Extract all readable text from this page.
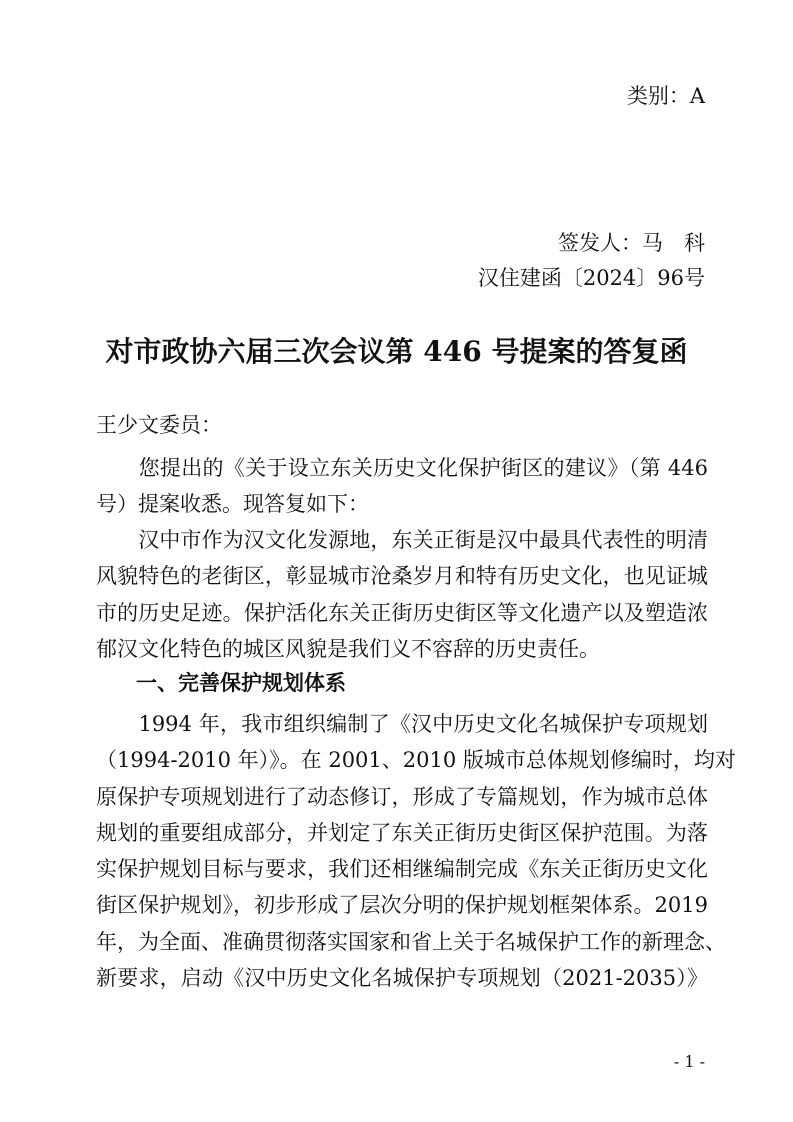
类别：A
签发人：马　科
汉住建函〔2024〕96号
对市政协六届三次会议第 446 号提案的答复函
王少文委员：
　　您提出的《关于设立东关历史文化保护街区的建议》（第 446
号）提案收悉。现答复如下：
　　汉中市作为汉文化发源地，东关正街是汉中最具代表性的明清
风貌特色的老街区，彰显城市沧桑岁月和特有历史文化，也见证城
市的历史足迹。保护活化东关正街历史街区等文化遗产以及塑造浓
郁汉文化特色的城区风貌是我们义不容辞的历史责任。
一、完善保护规划体系
　　1994 年，我市组织编制了《汉中历史文化名城保护专项规划
（1994-2010 年）》。在 2001、2010 版城市总体规划修编时，均对
原保护专项规划进行了动态修订，形成了专篇规划，作为城市总体
规划的重要组成部分，并划定了东关正街历史街区保护范围。为落
实保护规划目标与要求，我们还相继编制完成《东关正街历史文化
街区保护规划》，初步形成了层次分明的保护规划框架体系。2019
年，为全面、准确贯彻落实国家和省上关于名城保护工作的新理念、
新要求，启动《汉中历史文化名城保护专项规划（2021-2035）》
- 1 -
